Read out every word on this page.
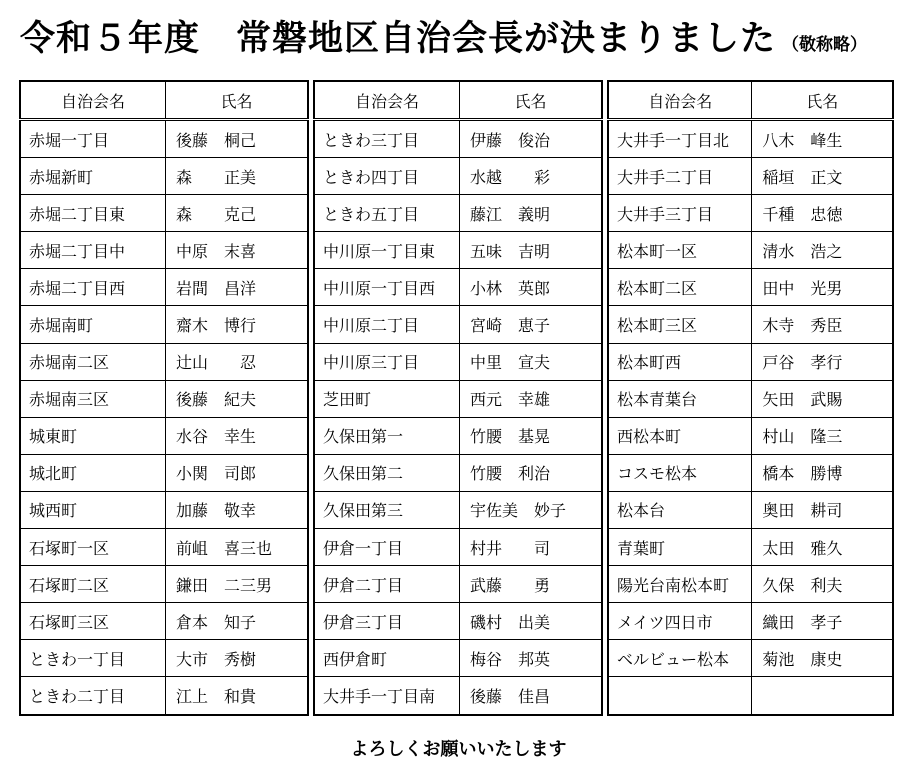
令和５年度　常磐地区自治会長が決まりました （敬称略）
自治会名	氏名
赤堀一丁目	後藤　桐己
赤堀新町	森　　正美
赤堀二丁目東	森　　克己
赤堀二丁目中	中原　末喜
赤堀二丁目西	岩間　昌洋
赤堀南町	齋木　博行
赤堀南二区	辻山　　忍
赤堀南三区	後藤　紀夫
城東町	水谷　幸生
城北町	小関　司郎
城西町	加藤　敬幸
石塚町一区	前岨　喜三也
石塚町二区	鎌田　二三男
石塚町三区	倉本　知子
ときわ一丁目	大市　秀樹
ときわ二丁目	江上　和貴
自治会名	氏名
ときわ三丁目	伊藤　俊治
ときわ四丁目	水越　　彩
ときわ五丁目	藤江　義明
中川原一丁目東	五味　吉明
中川原一丁目西	小林　英郎
中川原二丁目	宮崎　恵子
中川原三丁目	中里　宣夫
芝田町	西元　幸雄
久保田第一	竹腰　基晃
久保田第二	竹腰　利治
久保田第三	宇佐美　妙子
伊倉一丁目	村井　　司
伊倉二丁目	武藤　　勇
伊倉三丁目	磯村　出美
西伊倉町	梅谷　邦英
大井手一丁目南	後藤　佳昌
自治会名	氏名
大井手一丁目北	八木　峰生
大井手二丁目	稲垣　正文
大井手三丁目	千種　忠徳
松本町一区	清水　浩之
松本町二区	田中　光男
松本町三区	木寺　秀臣
松本町西	戸谷　孝行
松本青葉台	矢田　武賜
西松本町	村山　隆三
コスモ松本	橋本　勝博
松本台	奥田　耕司
青葉町	太田　雅久
陽光台南松本町	久保　利夫
メイツ四日市	織田　孝子
ベルビュー松本	菊池　康史

よろしくお願いいたします
